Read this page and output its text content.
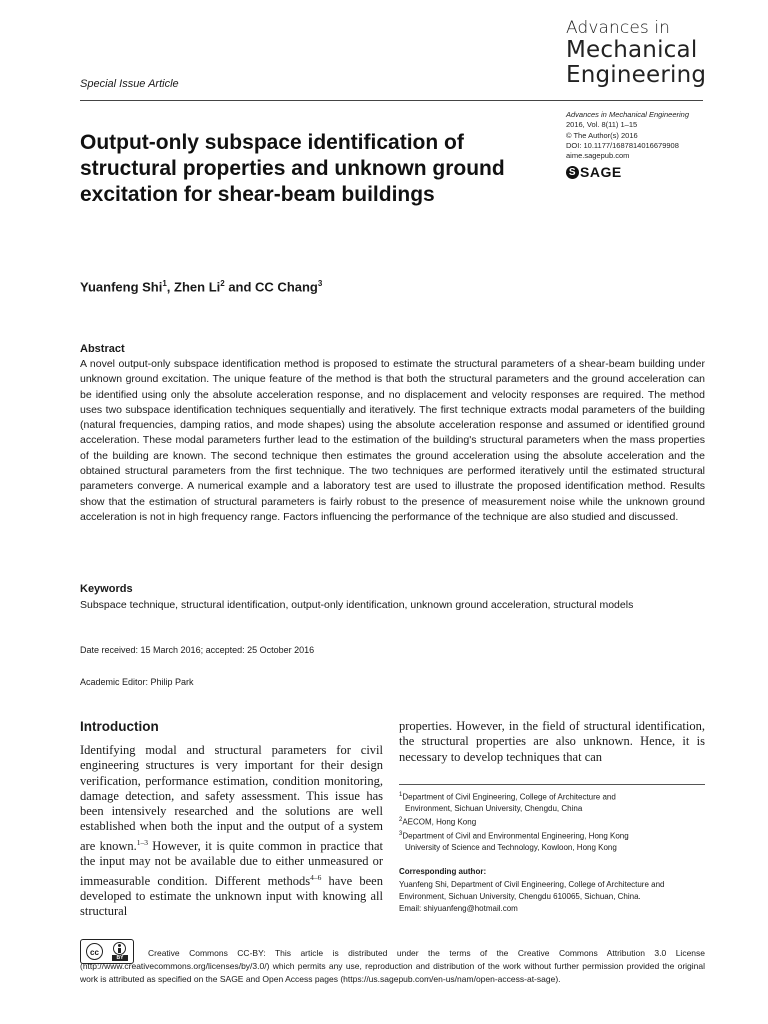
Advances in
Mechanical
Engineering
Special Issue Article
Advances in Mechanical Engineering
2016, Vol. 8(11) 1–15
© The Author(s) 2016
DOI: 10.1177/1687814016679908
aime.sagepub.com
S SAGE
Output-only subspace identification of structural properties and unknown ground excitation for shear-beam buildings
Yuanfeng Shi$^1$, Zhen Li$^2$ and CC Chang$^3$
Abstract
A novel output-only subspace identification method is proposed to estimate the structural parameters of a shear-beam building under unknown ground excitation. The unique feature of the method is that both the structural parameters and the ground acceleration can be identified using only the absolute acceleration response, and no displacement and velocity responses are required. The method uses two subspace identification techniques sequentially and iteratively. The first technique extracts modal parameters of the building (natural frequencies, damping ratios, and mode shapes) using the absolute acceleration response and assumed or identified ground acceleration. These modal parameters further lead to the estimation of the building's structural parameters when the mass properties of the building are known. The second technique then estimates the ground acceleration using the absolute acceleration and the obtained structural parameters from the first technique. The two techniques are performed iteratively until the estimated structural parameters converge. A numerical example and a laboratory test are used to illustrate the proposed identification method. Results show that the estimation of structural parameters is fairly robust to the presence of measurement noise while the unknown ground acceleration is not in high frequency range. Factors influencing the performance of the technique are also studied and discussed.
Keywords
Subspace technique, structural identification, output-only identification, unknown ground acceleration, structural models
Date received: 15 March 2016; accepted: 25 October 2016
Academic Editor: Philip Park
Introduction
Identifying modal and structural parameters for civil engineering structures is very important for their design verification, performance estimation, condition monitoring, damage detection, and safety assessment. This issue has been intensively researched and the solutions are well established when both the input and the output of a system are known.$^{1-3}$ However, it is quite common in practice that the input may not be available due to either unmeasured or immeasurable condition. Different methods$^{4-6}$ have been developed to estimate the unknown input with knowing all structural
properties. However, in the field of structural identification, the structural properties are also unknown. Hence, it is necessary to develop techniques that can
$^1$Department of Civil Engineering, College of Architecture and
Environment, Sichuan University, Chengdu, China
$^2$AECOM, Hong Kong
$^3$Department of Civil and Environmental Engineering, Hong Kong
University of Science and Technology, Kowloon, Hong Kong
Corresponding author:
Yuanfeng Shi, Department of Civil Engineering, College of Architecture and Environment, Sichuan University, Chengdu 610065, Sichuan, China.
Email: shiyuanfeng@hotmail.com
cc
BY	Creative Commons CC-BY: This article is distributed under the terms of the Creative Commons Attribution 3.0 License (http://www.creativecommons.org/licenses/by/3.0/) which permits any use, reproduction and distribution of the work without further permission provided the original work is attributed as specified on the SAGE and Open Access pages (https://us.sagepub.com/en-us/nam/open-access-at-sage).
